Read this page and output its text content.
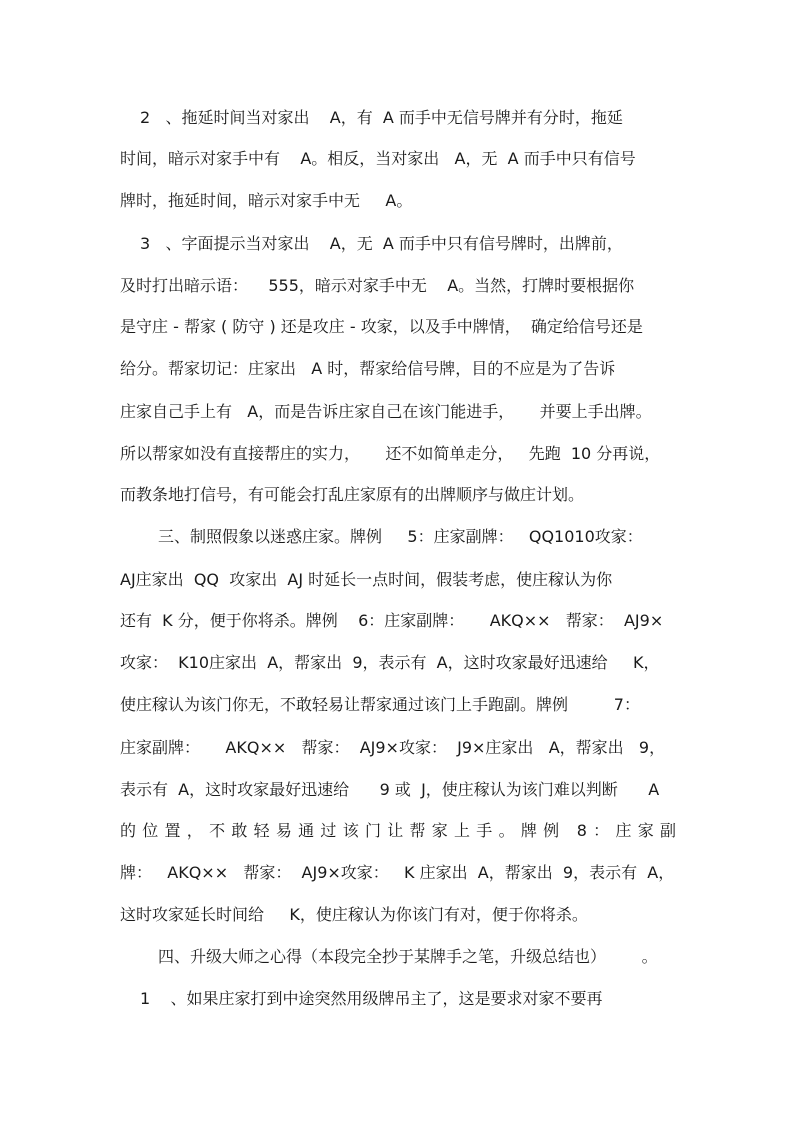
2   、拖延时间当对家出    A，有  A 而手中无信号牌并有分时，拖延
时间，暗示对家手中有    A。相反，当对家出   A，无  A 而手中只有信号
牌时，拖延时间，暗示对家手中无     A。
3   、字面提示当对家出    A，无  A 而手中只有信号牌时，出牌前，
及时打出暗示语：    555，暗示对家手中无    A。当然，打牌时要根据你
是守庄 - 帮家 ( 防守 ) 还是攻庄 - 攻家，以及手中牌情，  确定给信号还是
给分。帮家切记：庄家出   A 时，帮家给信号牌，目的不应是为了告诉
庄家自己手上有   A，而是告诉庄家自己在该门能进手，     并要上手出牌。
所以帮家如没有直接帮庄的实力，     还不如简单走分，   先跑  10 分再说，
而教条地打信号，有可能会打乱庄家原有的出牌顺序与做庄计划。
三、制照假象以迷惑庄家。牌例     5：庄家副牌：   QQ1010攻家：
AJ庄家出  QQ  攻家出  AJ 时延长一点时间，假装考虑，使庄稼认为你
还有  K 分，便于你将杀。牌例    6：庄家副牌：     AKQ××   帮家：  AJ9×
攻家：  K10庄家出  A，帮家出  9，表示有  A，这时攻家最好迅速给     K，
使庄稼认为该门你无，不敢轻易让帮家通过该门上手跑副。牌例         7：
庄家副牌：     AKQ××   帮家：  AJ9×攻家：  J9×庄家出   A，帮家出   9，
表示有  A，这时攻家最好迅速给      9 或  J，使庄稼认为该门难以判断      A
的位置，不敢轻易通过该门让帮家上手。牌例 8：庄家副
牌：   AKQ××   帮家：  AJ9×攻家：   K 庄家出  A，帮家出  9，表示有  A，
这时攻家延长时间给     K，使庄稼认为你该门有对，便于你将杀。
四、升级大师之心得（本段完全抄于某牌手之笔，升级总结也）       。
1    、如果庄家打到中途突然用级牌吊主了，这是要求对家不要再
